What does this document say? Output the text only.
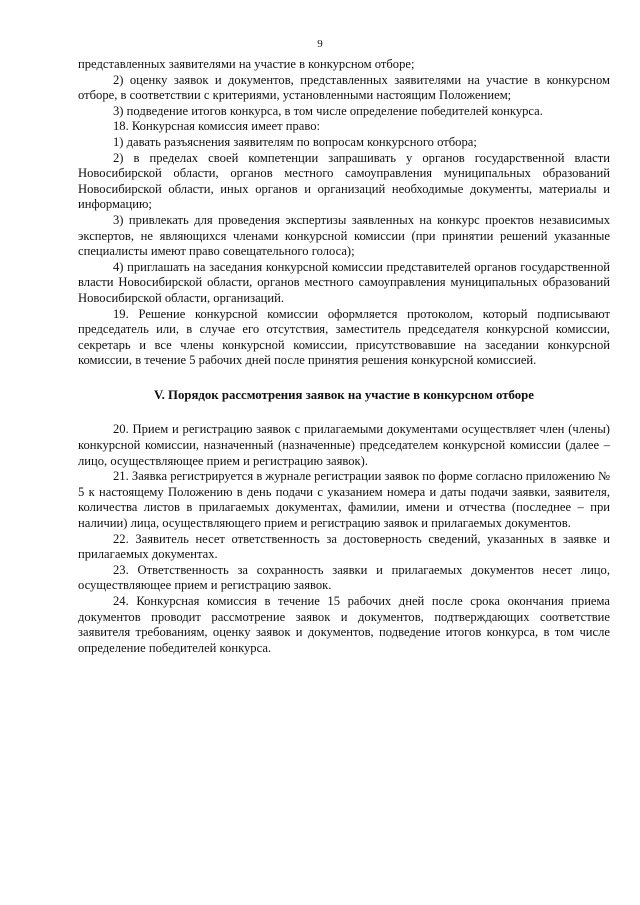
9

представленных заявителями на участие в конкурсном отборе;

2) оценку заявок и документов, представленных заявителями на участие в конкурсном отборе, в соответствии с критериями, установленными настоящим Положением;

3) подведение итогов конкурса, в том числе определение победителей конкурса.

18. Конкурсная комиссия имеет право:

1) давать разъяснения заявителям по вопросам конкурсного отбора;

2) в пределах своей компетенции запрашивать у органов государственной власти Новосибирской области, органов местного самоуправления муниципальных образований Новосибирской области, иных органов и организаций необходимые документы, материалы и информацию;

3) привлекать для проведения экспертизы заявленных на конкурс проектов независимых экспертов, не являющихся членами конкурсной комиссии (при принятии решений указанные специалисты имеют право совещательного голоса);

4) приглашать на заседания конкурсной комиссии представителей органов государственной власти Новосибирской области, органов местного самоуправления муниципальных образований Новосибирской области, организаций.

19. Решение конкурсной комиссии оформляется протоколом, который подписывают председатель или, в случае его отсутствия, заместитель председателя конкурсной комиссии, секретарь и все члены конкурсной комиссии, присутствовавшие на заседании конкурсной комиссии, в течение 5 рабочих дней после принятия решения конкурсной комиссией.

V. Порядок рассмотрения заявок на участие в конкурсном отборе

20. Прием и регистрацию заявок с прилагаемыми документами осуществляет член (члены) конкурсной комиссии, назначенный (назначенные) председателем конкурсной комиссии (далее – лицо, осуществляющее прием и регистрацию заявок).

21. Заявка регистрируется в журнале регистрации заявок по форме согласно приложению № 5 к настоящему Положению в день подачи с указанием номера и даты подачи заявки, заявителя, количества листов в прилагаемых документах, фамилии, имени и отчества (последнее – при наличии) лица, осуществляющего прием и регистрацию заявок и прилагаемых документов.

22. Заявитель несет ответственность за достоверность сведений, указанных в заявке и прилагаемых документах.

23. Ответственность за сохранность заявки и прилагаемых документов несет лицо, осуществляющее прием и регистрацию заявок.

24. Конкурсная комиссия в течение 15 рабочих дней после срока окончания приема документов проводит рассмотрение заявок и документов, подтверждающих соответствие заявителя требованиям, оценку заявок и документов, подведение итогов конкурса, в том числе определение победителей конкурса.
